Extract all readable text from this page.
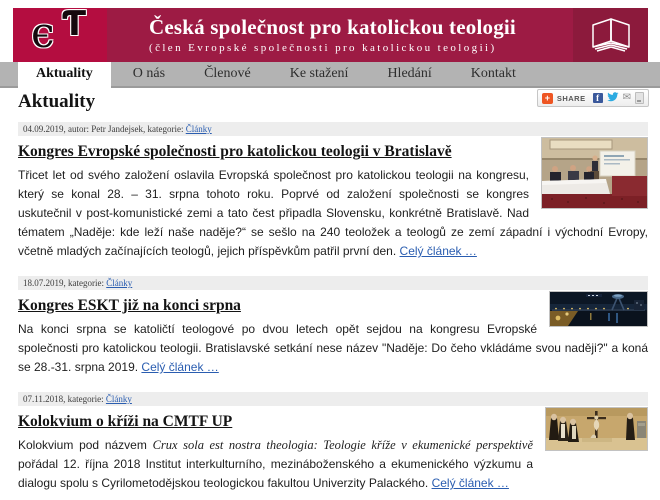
є Ƭ	Česká společnost pro katolickou teologii
(člen Evropské společnosti pro katolickou teologii)
Aktuality	O nás	Členové	Ke stažení	Hledání	Kontakt
+ SHARE	f	✉
Aktuality
04.09.2019, autor: Petr Jandejsek, kategorie: Články
Kongres Evropské společnosti pro katolickou teologii v Bratislavě

Třicet let od svého založení oslavila Evropská společnost pro katolickou teologii na kongresu, který se konal 28. – 31. srpna tohoto roku. Poprvé od založení společnosti se kongres uskutečnil v post-komunistické zemi a tato čest připadla Slovensku, konkrétně Bratislavě. Nad tématem „Naděje: kde leží naše naděje?“ se sešlo na 240 teoložek a teologů ze zemí západní i východní Evropy, včetně mladých začínajících teologů, jejich příspěvkům patřil první den. Celý článek …

18.07.2019, kategorie: Články
Kongres ESKT již na konci srpna

Na konci srpna se katoličtí teologové po dvou letech opět sejdou na kongresu Evropské společnosti pro katolickou teologii. Bratislavské setkání nese název "Naděje: Do čeho vkládáme svou naději?" a koná se 28.-31. srpna 2019. Celý článek …

07.11.2018, kategorie: Články
Kolokvium o kříži na CMTF UP

Kolokvium pod názvem Crux sola est nostra theologia: Teologie kříže v ekumenické perspektivě pořádal 12. října 2018 Institut interkulturního, mezináboženského a ekumenického výzkumu a dialogu spolu s Cyrilometodějskou teologickou fakultou Univerzity Palackého. Celý článek …
